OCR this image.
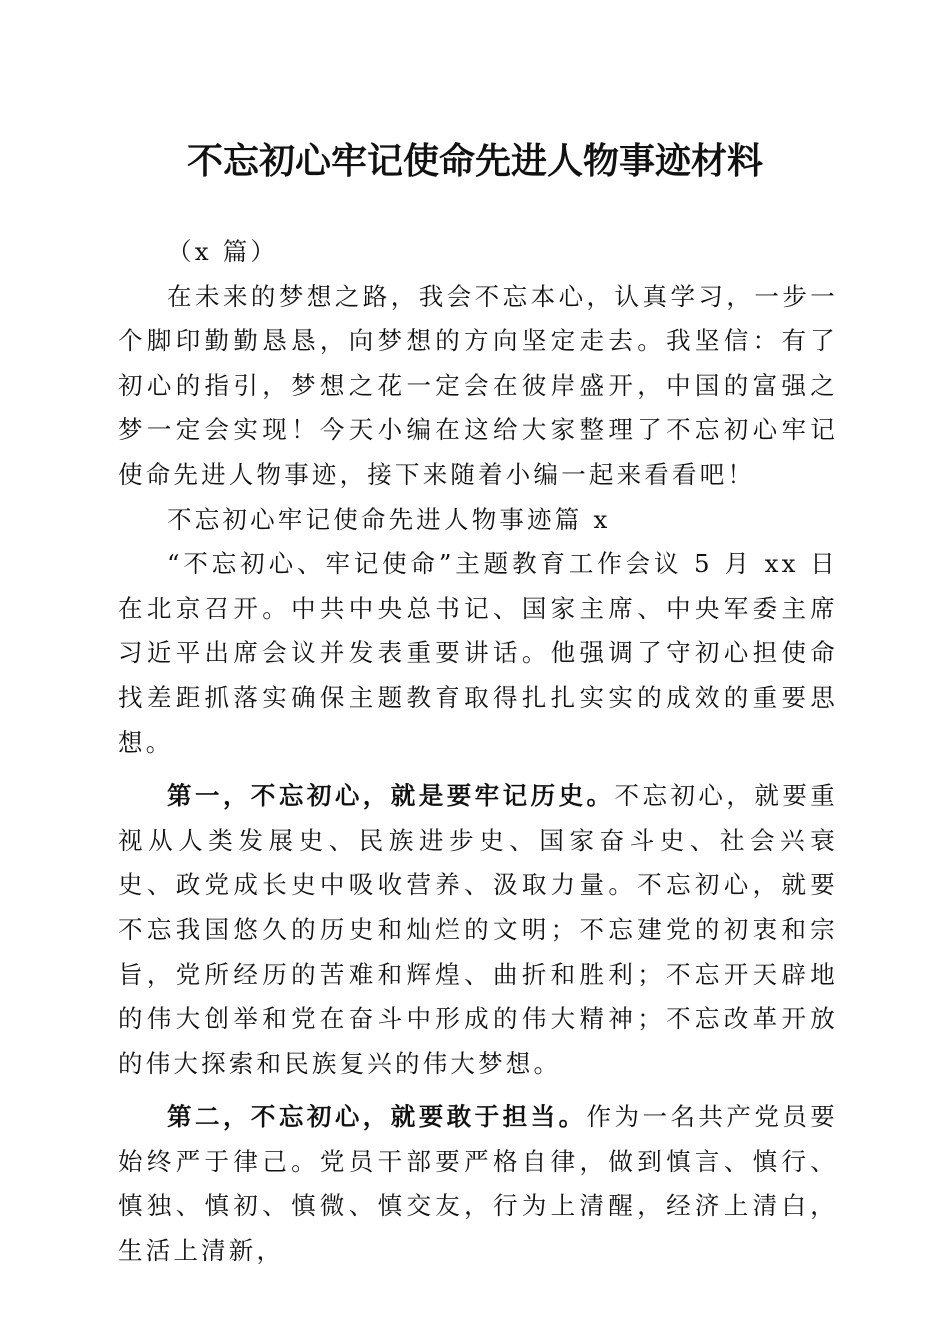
不忘初心牢记使命先进人物事迹材料

（x 篇）

在未来的梦想之路，我会不忘本心，认真学习，一步一个脚印勤勤恳恳，向梦想的方向坚定走去。我坚信：有了初心的指引，梦想之花一定会在彼岸盛开，中国的富强之梦一定会实现！今天小编在这给大家整理了不忘初心牢记使命先进人物事迹，接下来随着小编一起来看看吧！

不忘初心牢记使命先进人物事迹篇 x

“不忘初心、牢记使命”主题教育工作会议 5 月 xx 日在北京召开。中共中央总书记、国家主席、中央军委主席习近平出席会议并发表重要讲话。他强调了守初心担使命找差距抓落实确保主题教育取得扎扎实实的成效的重要思想。

第一，不忘初心，就是要牢记历史。不忘初心，就要重视从人类发展史、民族进步史、国家奋斗史、社会兴衰史、政党成长史中吸收营养、汲取力量。不忘初心，就要不忘我国悠久的历史和灿烂的文明；不忘建党的初衷和宗旨，党所经历的苦难和辉煌、曲折和胜利；不忘开天辟地的伟大创举和党在奋斗中形成的伟大精神；不忘改革开放的伟大探索和民族复兴的伟大梦想。

第二，不忘初心，就要敢于担当。作为一名共产党员要始终严于律己。党员干部要严格自律，做到慎言、慎行、慎独、慎初、慎微、慎交友，行为上清醒，经济上清白，生活上清新，
